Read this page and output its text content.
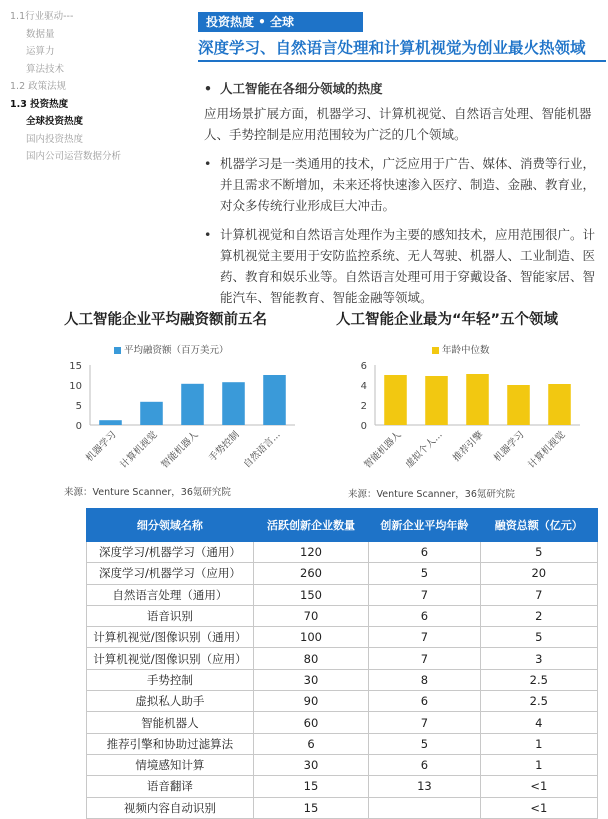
1.1行业驱动---
数据量
运算力
算法技术
1.2 政策法规
1.3 投资热度
全球投资热度
国内投资热度
国内公司运营数据分析
投资热度 • 全球
深度学习、自然语言处理和计算机视觉为创业最火热领域
• 人工智能在各细分领域的热度
应用场景扩展方面，机器学习、计算机视觉、自然语言处理、智能机器人、手势控制是应用范围较为广泛的几个领域。
• 机器学习是一类通用的技术，广泛应用于广告、媒体、消费等行业，并且需求不断增加，未来还将快速渗入医疗、制造、金融、教育业，对众多传统行业形成巨大冲击。
• 计算机视觉和自然语言处理作为主要的感知技术，应用范围很广。计算机视觉主要用于安防监控系统、无人驾驶、机器人、工业制造、医药、教育和娱乐业等。自然语言处理可用于穿戴设备、智能家居、智能汽车、智能教育、智能金融等领域。
人工智能企业平均融资额前五名
平均融资额（百万美元）
0
5
10
15
机器学习 计算机视觉 智能机器人 手势控制 自然语言...
来源：Venture Scanner，36氪研究院
人工智能企业最为“年轻”五个领域
年龄中位数
0
2
4
6
智能机器人 虚拟个人... 推荐引擎 机器学习 计算机视觉
来源：Venture Scanner，36氪研究院
细分领域名称	活跃创新企业数量	创新企业平均年龄	融资总额（亿元）
深度学习/机器学习（通用）	120	6	5
深度学习/机器学习（应用）	260	5	20
自然语言处理（通用）	150	7	7
语音识别	70	6	2
计算机视觉/图像识别（通用）	100	7	5
计算机视觉/图像识别（应用）	80	7	3
手势控制	30	8	2.5
虚拟私人助手	90	6	2.5
智能机器人	60	7	4
推荐引擎和协助过滤算法	6	5	1
情境感知计算	30	6	1
语音翻译	15	13	<1
视频内容自动识别	15		<1
